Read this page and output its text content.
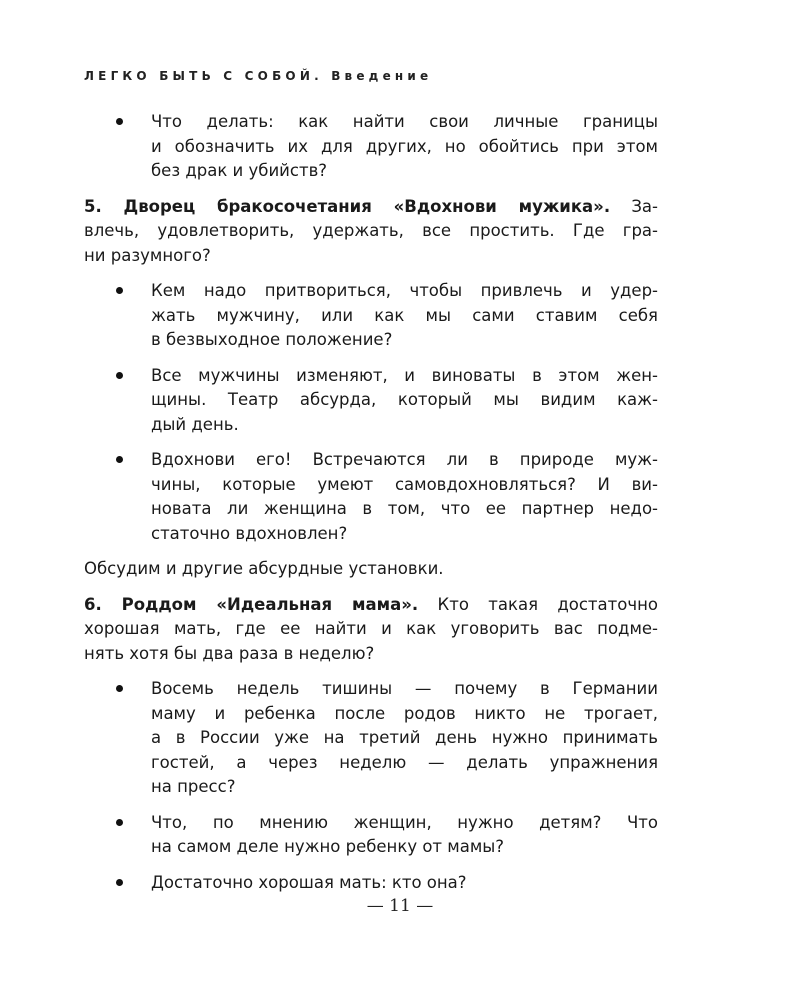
ЛЕГКО БЫТЬ С СОБОЙ. Введение
Что делать: как найти свои личные границы
и обозначить их для других, но обойтись при этом
без драк и убийств?
5. Дворец бракосочетания «Вдохнови мужика». За-
влечь, удовлетворить, удержать, все простить. Где гра-
ни разумного?
Кем надо притвориться, чтобы привлечь и удер-
жать мужчину, или как мы сами ставим себя
в безвыходное положение?
Все мужчины изменяют, и виноваты в этом жен-
щины. Театр абсурда, который мы видим каж-
дый день.
Вдохнови его! Встречаются ли в природе муж-
чины, которые умеют самовдохновляться? И ви-
новата ли женщина в том, что ее партнер недо-
статочно вдохновлен?
Обсудим и другие абсурдные установки.
6. Роддом «Идеальная мама». Кто такая достаточно
хорошая мать, где ее найти и как уговорить вас подме-
нять хотя бы два раза в неделю?
Восемь недель тишины — почему в Германии
маму и ребенка после родов никто не трогает,
а в России уже на третий день нужно принимать
гостей, а через неделю — делать упражнения
на пресс?
Что, по мнению женщин, нужно детям? Что
на самом деле нужно ребенку от мамы?
Достаточно хорошая мать: кто она?
— 11 —
